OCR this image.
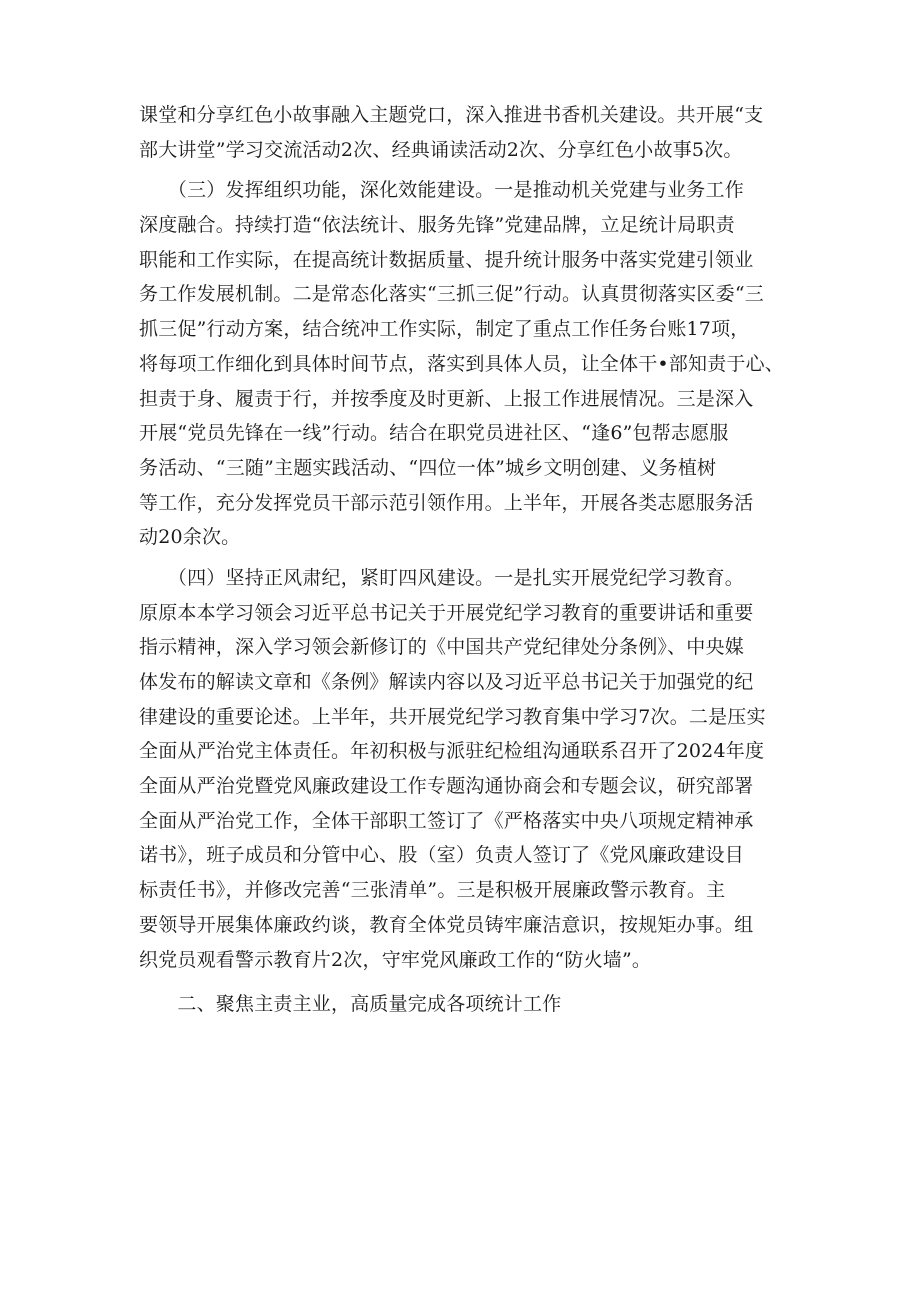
课堂和分享红色小故事融入主题党口，深入推进书香机关建设。共开展“支
部大讲堂”学习交流活动2次、经典诵读活动2次、分享红色小故事5次。
　　（三）发挥组织功能，深化效能建设。一是推动机关党建与业务工作
深度融合。持续打造“依法统计、服务先锋”党建品牌，立足统计局职责
职能和工作实际，在提高统计数据质量、提升统计服务中落实党建引领业
务工作发展机制。二是常态化落实“三抓三促”行动。认真贯彻落实区委“三
抓三促”行动方案，结合统冲工作实际，制定了重点工作任务台账17项，
将每项工作细化到具体时间节点，落实到具体人员，让全体干•部知责于心、
担责于身、履责于行，并按季度及时更新、上报工作进展情况。三是深入
开展“党员先锋在一线”行动。结合在职党员进社区、“逢6”包帮志愿服
务活动、“三随”主题实践活动、“四位一体”城乡文明创建、义务植树
等工作，充分发挥党员干部示范引领作用。上半年，开展各类志愿服务活
动20余次。
　　（四）坚持正风肃纪，紧盯四风建设。一是扎实开展党纪学习教育。
原原本本学习领会习近平总书记关于开展党纪学习教育的重要讲话和重要
指示精神，深入学习领会新修订的《中国共产党纪律处分条例》、中央媒
体发布的解读文章和《条例》解读内容以及习近平总书记关于加强党的纪
律建设的重要论述。上半年，共开展党纪学习教育集中学习7次。二是压实
全面从严治党主体责任。年初积极与派驻纪检组沟通联系召开了2024年度
全面从严治党暨党风廉政建设工作专题沟通协商会和专题会议，研究部署
全面从严治党工作，全体干部职工签订了《严格落实中央八项规定精神承
诺书》，班子成员和分管中心、股（室）负责人签订了《党风廉政建设目
标责任书》，并修改完善“三张清单”。三是积极开展廉政警示教育。主
要领导开展集体廉政约谈，教育全体党员铸牢廉洁意识，按规矩办事。组
织党员观看警示教育片2次，守牢党风廉政工作的“防火墙”。
　　二、聚焦主责主业，高质量完成各项统计工作
